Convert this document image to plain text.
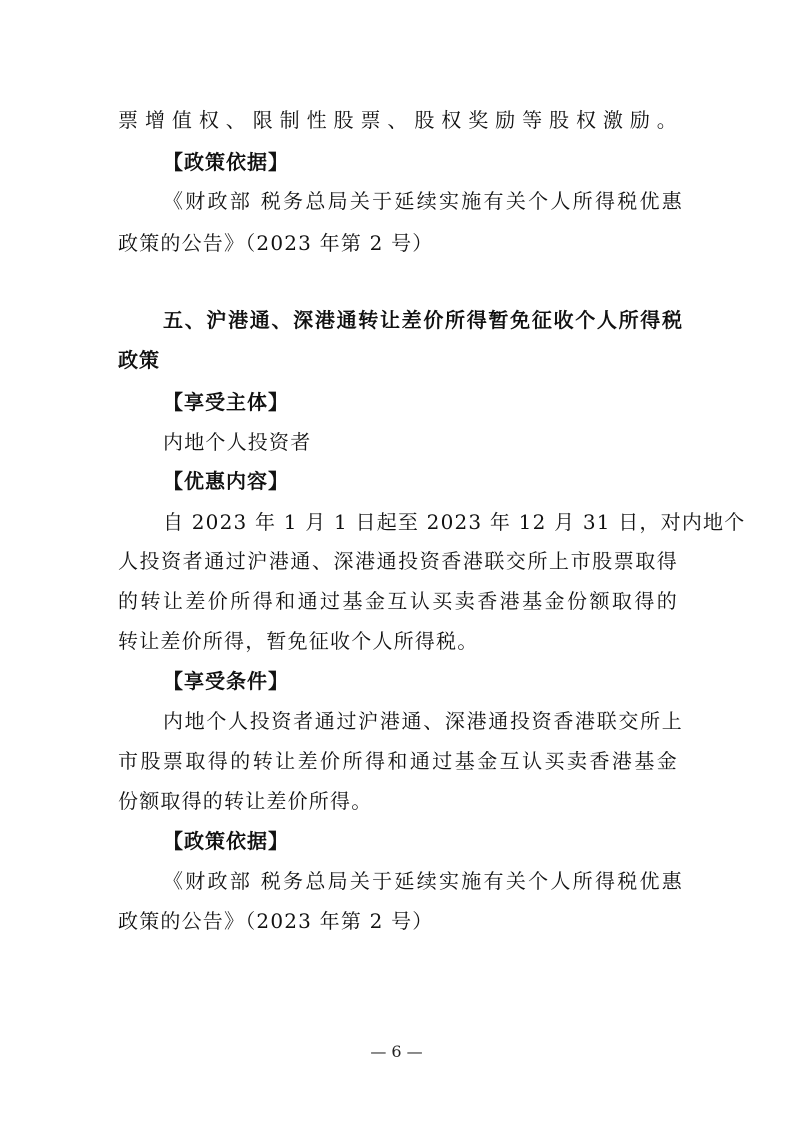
票增值权、限制性股票、股权奖励等股权激励。
【政策依据】
《财政部 税务总局关于延续实施有关个人所得税优惠
政策的公告》（2023 年第 2 号）
五、沪港通、深港通转让差价所得暂免征收个人所得税
政策
【享受主体】
内地个人投资者
【优惠内容】
自 2023 年 1 月 1 日起至 2023 年 12 月 31 日，对内地个
人投资者通过沪港通、深港通投资香港联交所上市股票取得
的转让差价所得和通过基金互认买卖香港基金份额取得的
转让差价所得，暂免征收个人所得税。
【享受条件】
内地个人投资者通过沪港通、深港通投资香港联交所上
市股票取得的转让差价所得和通过基金互认买卖香港基金
份额取得的转让差价所得。
【政策依据】
《财政部 税务总局关于延续实施有关个人所得税优惠
政策的公告》（2023 年第 2 号）
— 6 —
